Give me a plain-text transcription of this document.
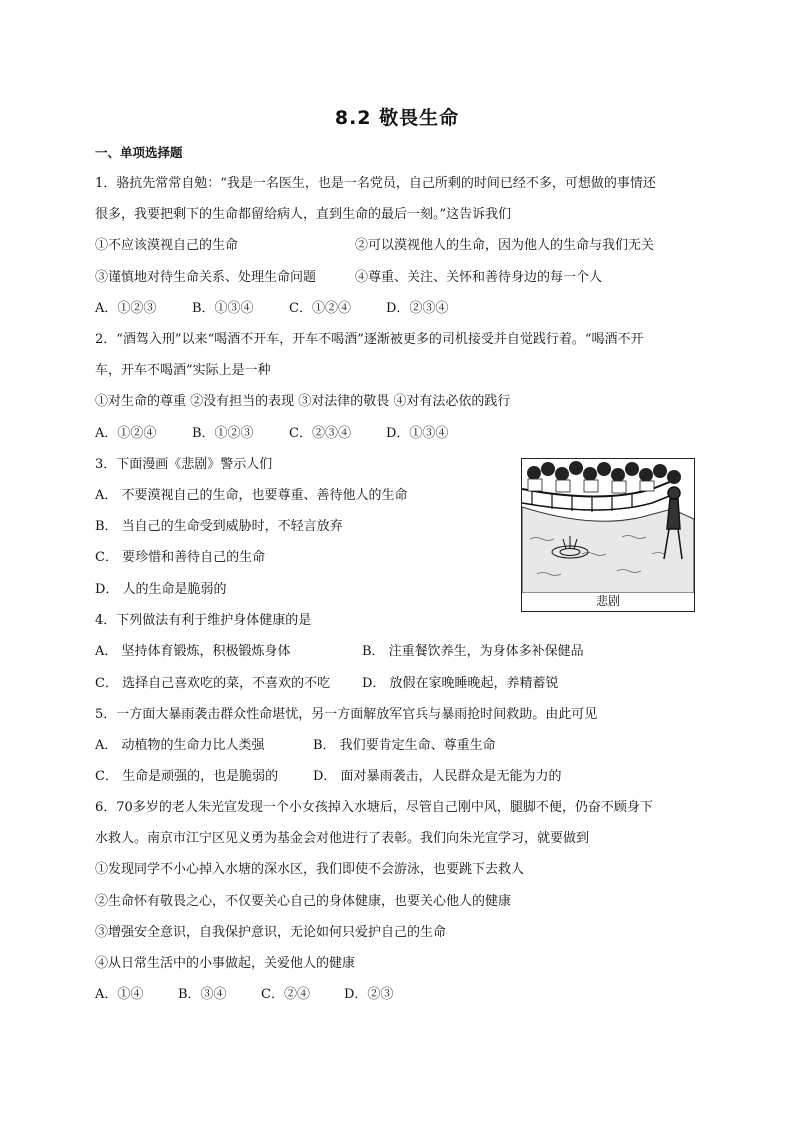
8.2 敬畏生命
一、单项选择题
1．骆抗先常常自勉：“我是一名医生，也是一名党员，自己所剩的时间已经不多，可想做的事情还
很多，我要把剩下的生命都留给病人，直到生命的最后一刻。”这告诉我们
①不应该漠视自己的生命	②可以漠视他人的生命，因为他人的生命与我们无关
③谨慎地对待生命关系、处理生命问题	④尊重、关注、关怀和善待身边的每一个人
A．①②③	B．①③④	C．①②④	D．②③④
2．“酒驾入刑”以来“喝酒不开车，开车不喝酒”逐渐被更多的司机接受并自觉践行着。“喝酒不开
车，开车不喝酒”实际上是一种
①对生命的尊重 ②没有担当的表现 ③对法律的敬畏 ④对有法必依的践行
A．①②④	B．①②③	C．②③④	D．①③④
3．下面漫画《悲剧》警示人们
A． 不要漠视自己的生命，也要尊重、善待他人的生命
B． 当自己的生命受到威胁时，不轻言放弃
C． 要珍惜和善待自己的生命
D． 人的生命是脆弱的
悲剧
4．下列做法有利于维护身体健康的是
A． 坚持体育锻炼，积极锻炼身体	B． 注重餐饮养生，为身体多补保健品
C． 选择自己喜欢吃的菜，不喜欢的不吃 D． 放假在家晚睡晚起，养精蓄锐
5．一方面大暴雨袭击群众性命堪忧，另一方面解放军官兵与暴雨抢时间救助。由此可见
A． 动植物的生命力比人类强	B． 我们要肯定生命、尊重生命
C． 生命是顽强的，也是脆弱的	D． 面对暴雨袭击，人民群众是无能为力的
6．70多岁的老人朱光宣发现一个小女孩掉入水塘后，尽管自己刚中风，腿脚不便，仍奋不顾身下
水救人。南京市江宁区见义勇为基金会对他进行了表彰。我们向朱光宣学习，就要做到
①发现同学不小心掉入水塘的深水区，我们即使不会游泳，也要跳下去救人
②生命怀有敬畏之心，不仅要关心自己的身体健康，也要关心他人的健康
③增强安全意识，自我保护意识，无论如何只爱护自己的生命
④从日常生活中的小事做起，关爱他人的健康
A．①④	B．③④	C．②④	D．②③
